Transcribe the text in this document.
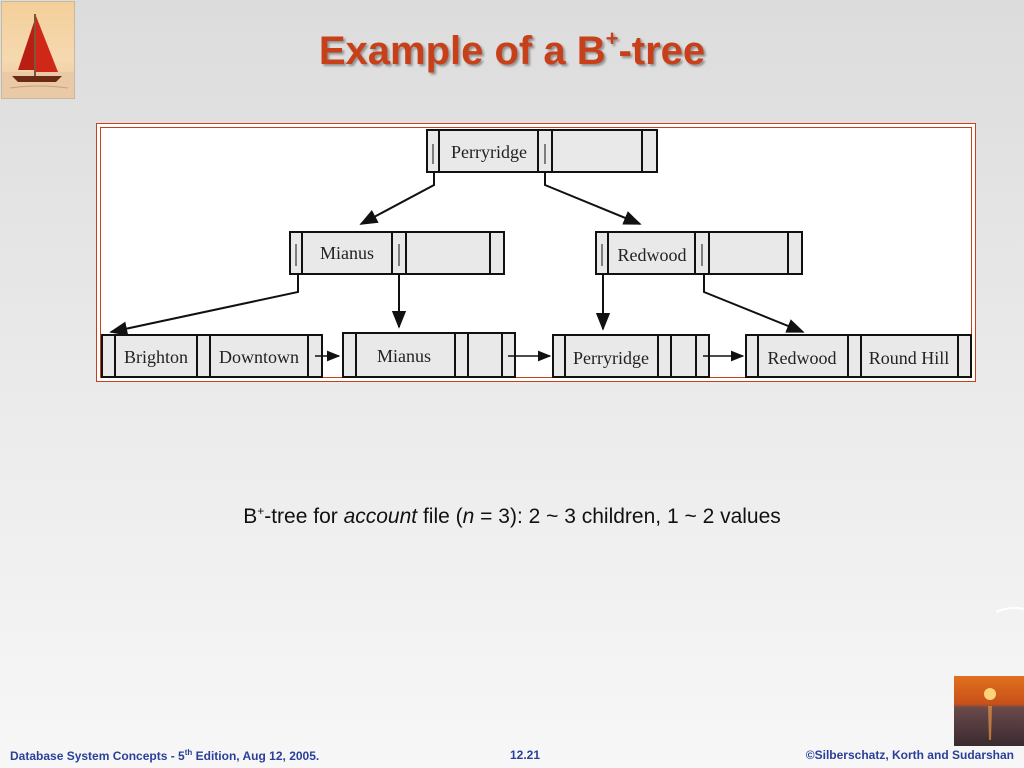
Example of a B+-tree
Perryridge
Mianus	Redwood
Brighton Downtown	Mianus	Perryridge	Redwood Round Hill
B+-tree for account file (n = 3): 2 ~ 3 children, 1 ~ 2 values
Database System Concepts - 5th Edition, Aug 12, 2005.	12.21	©Silberschatz, Korth and Sudarshan
